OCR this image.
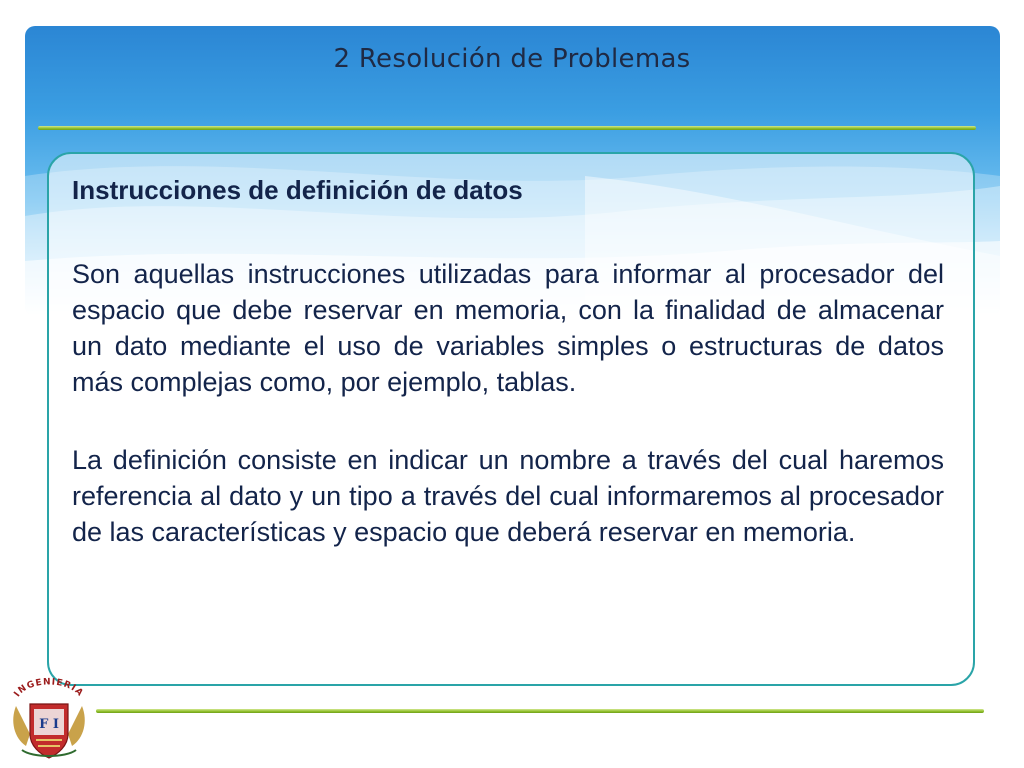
2 Resolución de Problemas

Instrucciones de definición de datos

Son aquellas instrucciones utilizadas para informar al procesador del espacio que debe reservar en memoria, con la finalidad de almacenar un dato mediante el uso de variables simples o estructuras de datos más complejas como, por ejemplo, tablas.

La definición consiste en indicar un nombre a través del cual haremos referencia al dato y un tipo a través del cual informaremos al procesador de las características y espacio que deberá reservar en memoria.

INGENIERIA
F I
